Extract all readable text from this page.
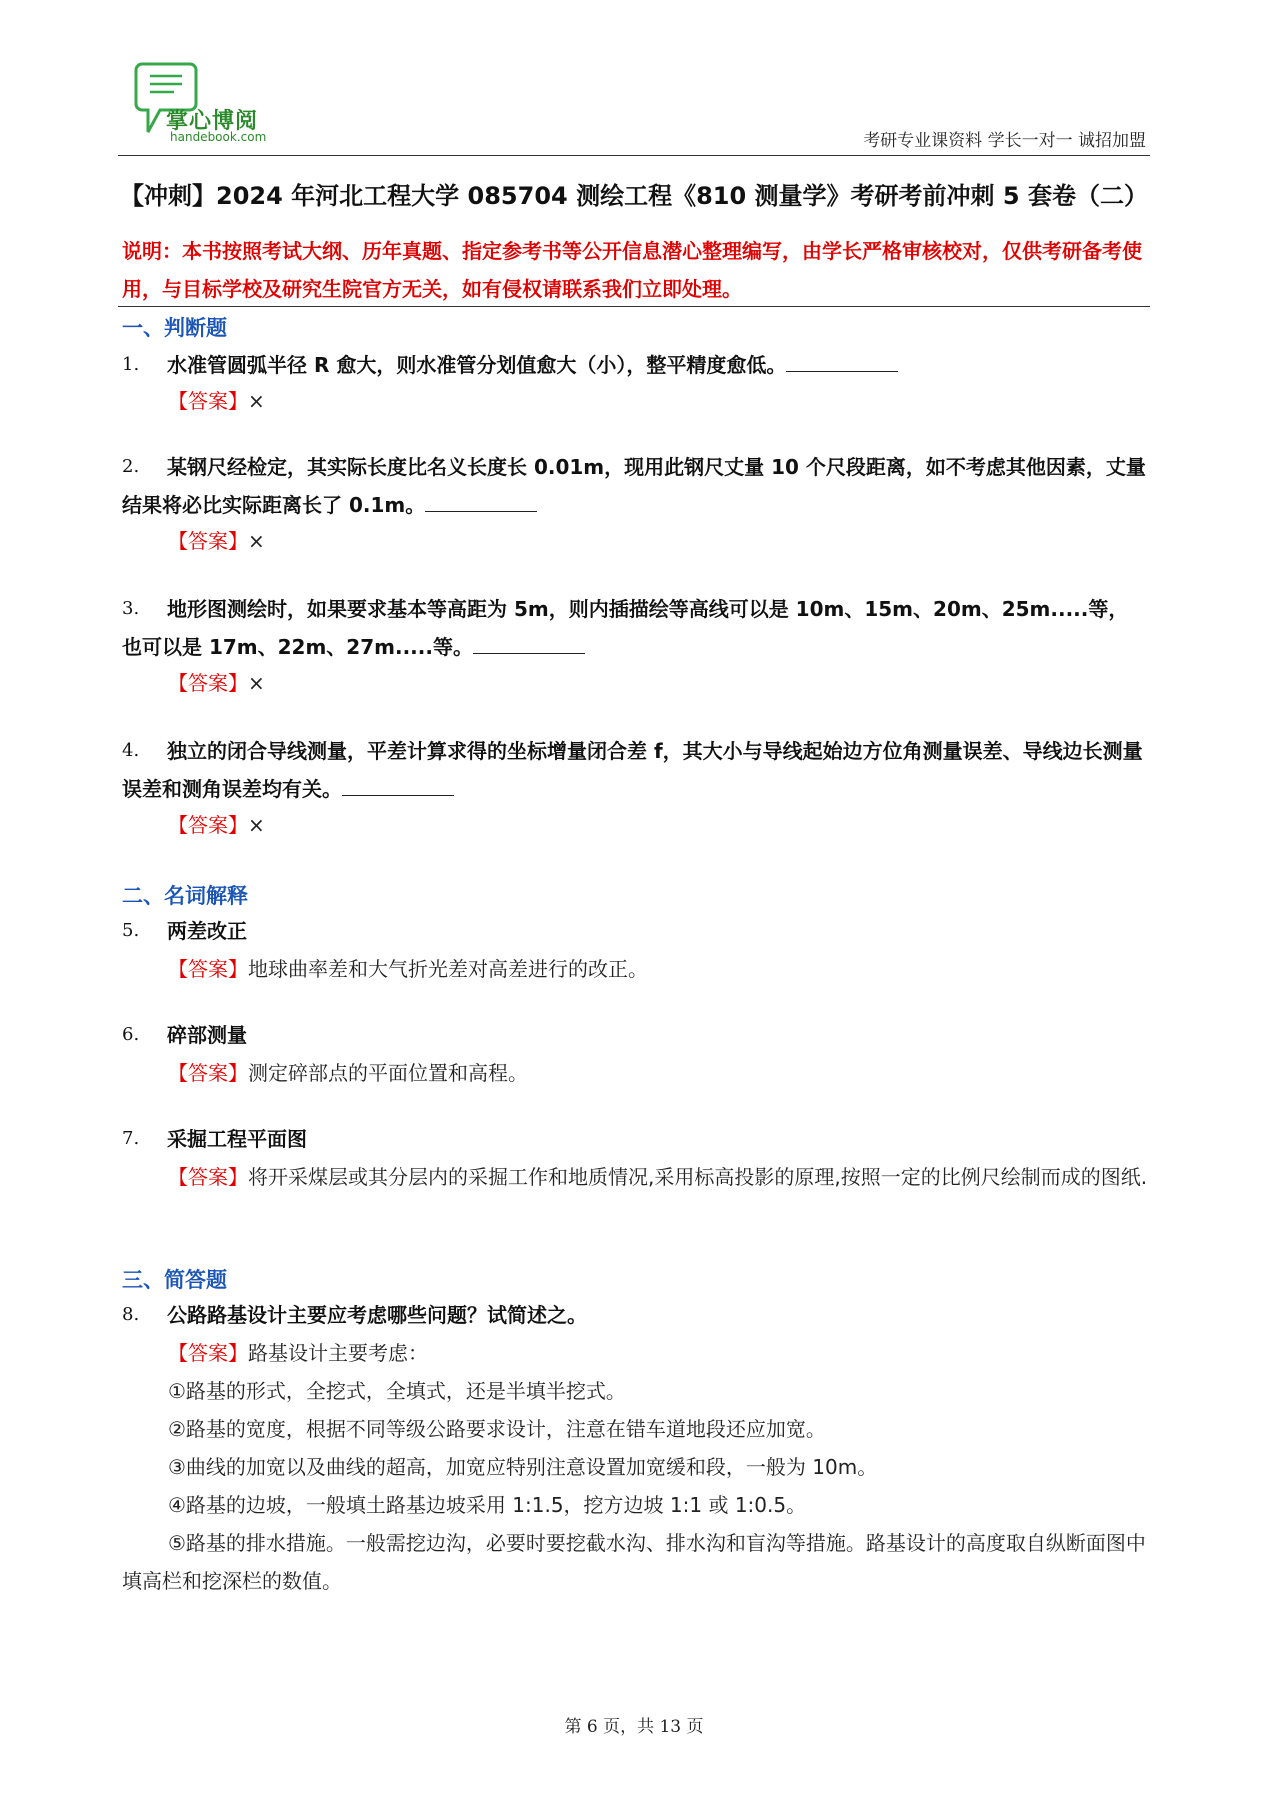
掌心博阅
handebook.com	考研专业课资料 学长一对一 诚招加盟
【冲刺】2024 年河北工程大学 085704 测绘工程《810 测量学》考研考前冲刺 5 套卷（二）
说明：本书按照考试大纲、历年真题、指定参考书等公开信息潜心整理编写，由学长严格审核校对，仅供考研备考使用，与目标学校及研究生院官方无关，如有侵权请联系我们立即处理。
一、判断题
1.	水准管圆弧半径 R 愈大，则水准管分划值愈大（小），整平精度愈低。
【答案】×
2.	某钢尺经检定，其实际长度比名义长度长 0.01m，现用此钢尺丈量 10 个尺段距离，如不考虑其他因素，丈量结果将必比实际距离长了 0.1m。
【答案】×
3.	地形图测绘时，如果要求基本等高距为 5m，则内插描绘等高线可以是 10m、15m、20m、25m.....等，也可以是 17m、22m、27m.....等。
【答案】×
4.	独立的闭合导线测量，平差计算求得的坐标增量闭合差 f，其大小与导线起始边方位角测量误差、导线边长测量误差和测角误差均有关。
【答案】×
二、名词解释
5.	两差改正
【答案】地球曲率差和大气折光差对高差进行的改正。
6.	碎部测量
【答案】测定碎部点的平面位置和高程。
7.	采掘工程平面图
【答案】将开采煤层或其分层内的采掘工作和地质情况,采用标高投影的原理,按照一定的比例尺绘制而成的图纸.
三、简答题
8.	公路路基设计主要应考虑哪些问题？试简述之。
【答案】路基设计主要考虑：
①路基的形式，全挖式，全填式，还是半填半挖式。
②路基的宽度，根据不同等级公路要求设计，注意在错车道地段还应加宽。
③曲线的加宽以及曲线的超高，加宽应特别注意设置加宽缓和段，一般为 10m。
④路基的边坡，一般填土路基边坡采用 1:1.5，挖方边坡 1:1 或 1:0.5。
⑤路基的排水措施。一般需挖边沟，必要时要挖截水沟、排水沟和盲沟等措施。路基设计的高度取自纵断面图中填高栏和挖深栏的数值。
第 6 页，共 13 页
